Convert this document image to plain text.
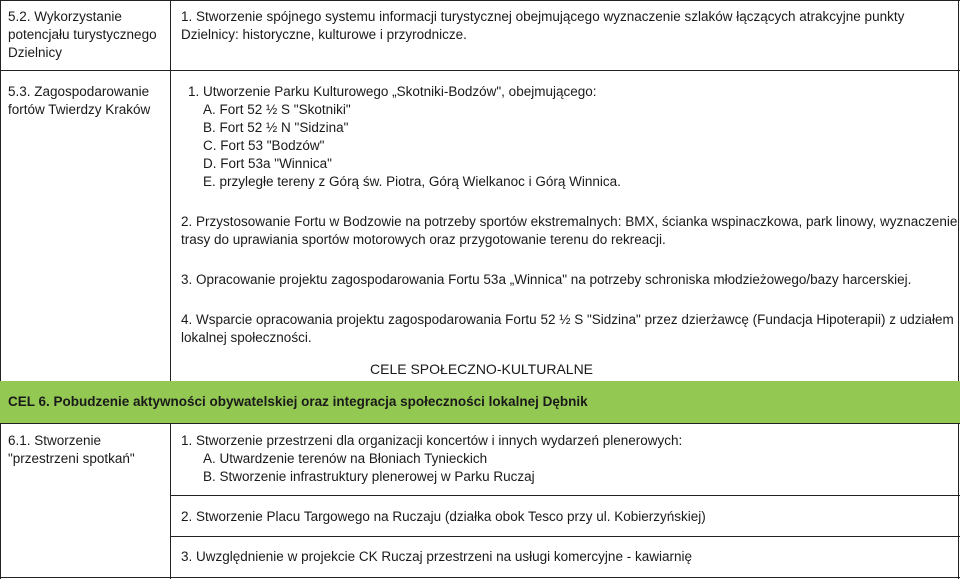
5.2. Wykorzystanie
potencjału turystycznego
Dzielnicy
1. Stworzenie spójnego systemu informacji turystycznej obejmującego wyznaczenie szlaków łączących atrakcyjne punkty
Dzielnicy: historyczne, kulturowe i przyrodnicze.
5.3. Zagospodarowanie
fortów Twierdzy Kraków
1. Utworzenie Parku Kulturowego „Skotniki-Bodzów", obejmującego:
A. Fort 52 ½ S "Skotniki"
B. Fort 52 ½ N "Sidzina"
C. Fort 53 "Bodzów"
D. Fort 53a "Winnica"
E. przyległe tereny z Górą św. Piotra, Górą Wielkanoc i Górą Winnica.
2. Przystosowanie Fortu w Bodzowie na potrzeby sportów ekstremalnych: BMX, ścianka wspinaczkowa, park linowy, wyznaczenie
trasy do uprawiania sportów motorowych oraz przygotowanie terenu do rekreacji.
3. Opracowanie projektu zagospodarowania Fortu 53a „Winnica" na potrzeby schroniska młodzieżowego/bazy harcerskiej.
4. Wsparcie opracowania projektu zagospodarowania Fortu 52 ½ S "Sidzina" przez dzierżawcę (Fundacja Hipoterapii) z udziałem
lokalnej społeczności.
CELE SPOŁECZNO-KULTURALNE
CEL 6. Pobudzenie aktywności obywatelskiej oraz integracja społeczności lokalnej Dębnik
6.1. Stworzenie
"przestrzeni spotkań"
1. Stworzenie przestrzeni dla organizacji koncertów i innych wydarzeń plenerowych:
A. Utwardzenie terenów na Błoniach Tynieckich
B. Stworzenie infrastruktury plenerowej w Parku Ruczaj
2. Stworzenie Placu Targowego na Ruczaju (działka obok Tesco przy ul. Kobierzyńskiej)
3. Uwzględnienie w projekcie CK Ruczaj przestrzeni na usługi komercyjne - kawiarnię
